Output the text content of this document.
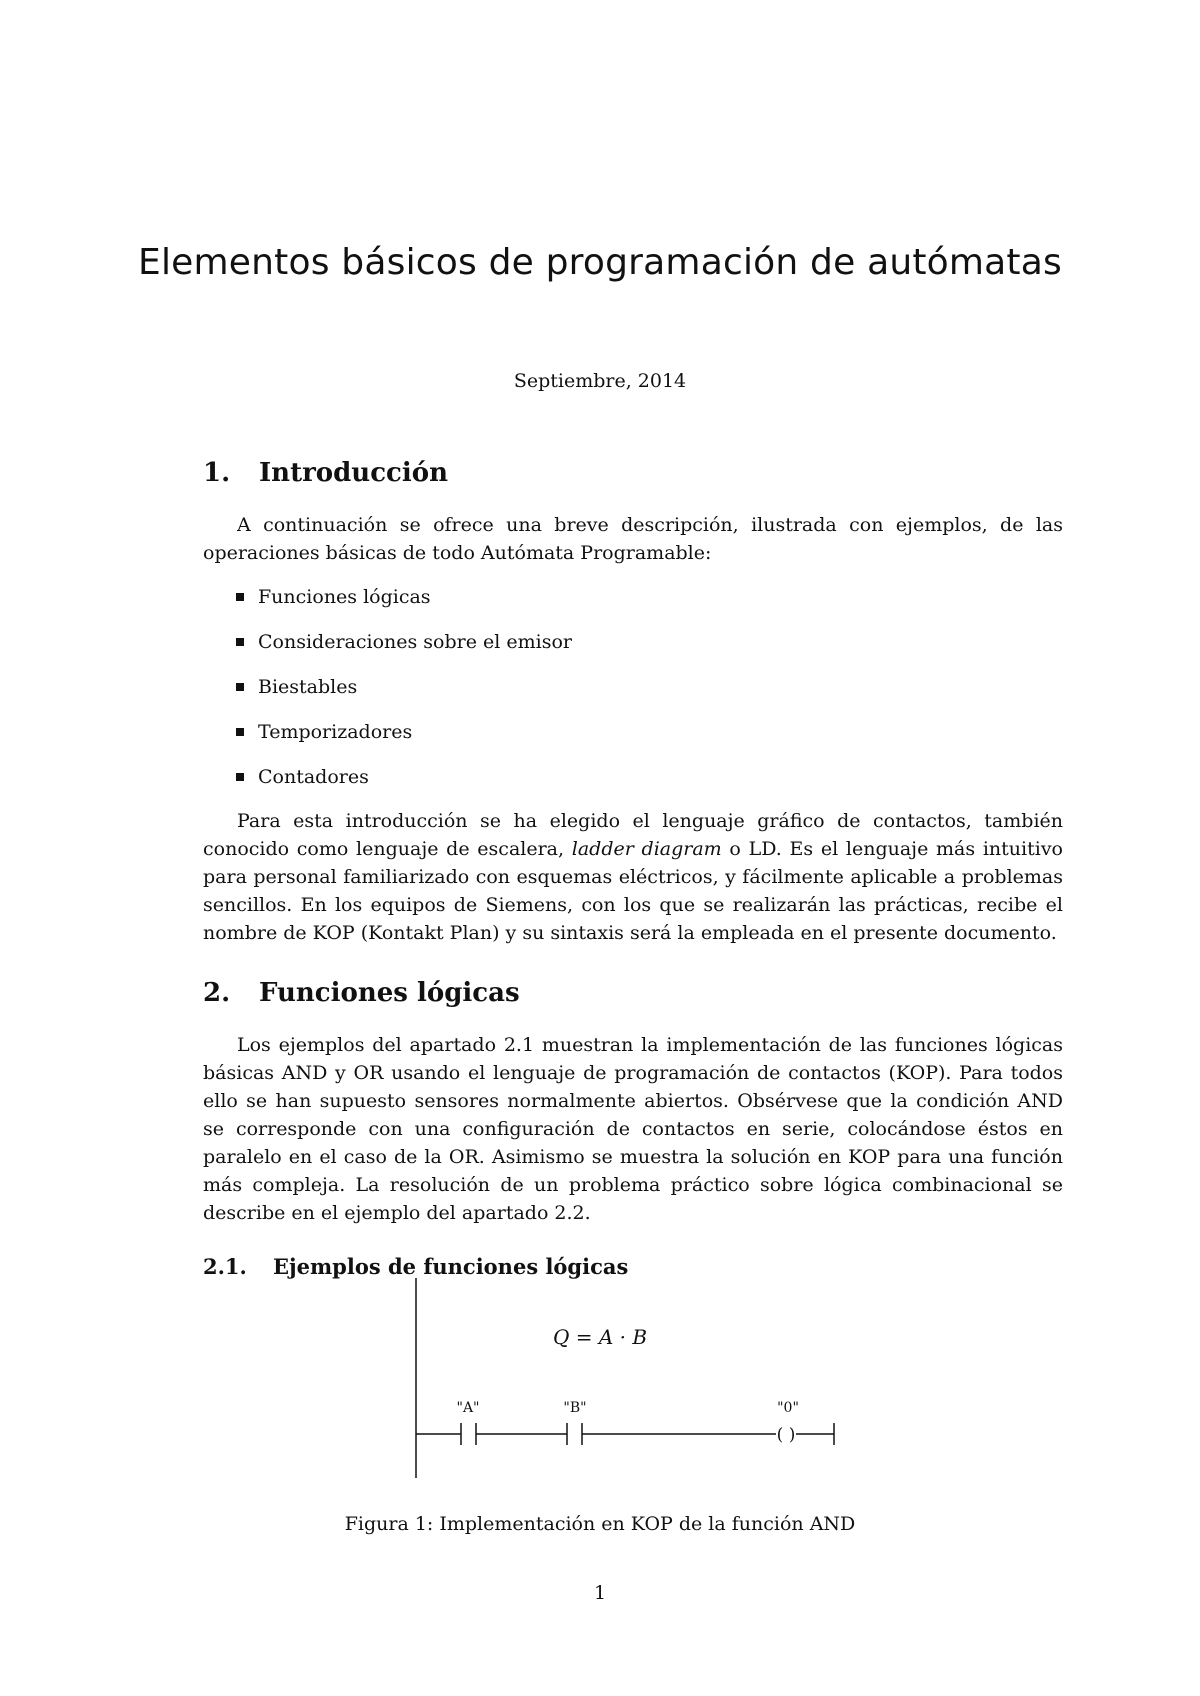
Elementos básicos de programación de autómatas
Septiembre, 2014
1. Introducción

A continuación se ofrece una breve descripción, ilustrada con ejemplos, de las operaciones básicas de todo Autómata Programable:

Funciones lógicas
Consideraciones sobre el emisor
Biestables
Temporizadores
Contadores

Para esta introducción se ha elegido el lenguaje gráfico de contactos, también conocido como lenguaje de escalera, ladder diagram o LD. Es el lenguaje más intuitivo para personal familiarizado con esquemas eléctricos, y fácilmente aplicable a problemas sencillos. En los equipos de Siemens, con los que se realizarán las prácticas, recibe el nombre de KOP (Kontakt Plan) y su sintaxis será la empleada en el presente documento.

2. Funciones lógicas

Los ejemplos del apartado 2.1 muestran la implementación de las funciones lógicas básicas AND y OR usando el lenguaje de programación de contactos (KOP). Para todos ello se han supuesto sensores normalmente abiertos. Obsérvese que la condición AND se corresponde con una configuración de contactos en serie, colocándose éstos en paralelo en el caso de la OR. Asimismo se muestra la solución en KOP para una función más compleja. La resolución de un problema práctico sobre lógica combinacional se describe en el ejemplo del apartado 2.2.

2.1. Ejemplos de funciones lógicas
Q = A · B
"A"	"B"
( )
"0"
Figura 1: Implementación en KOP de la función AND
1
